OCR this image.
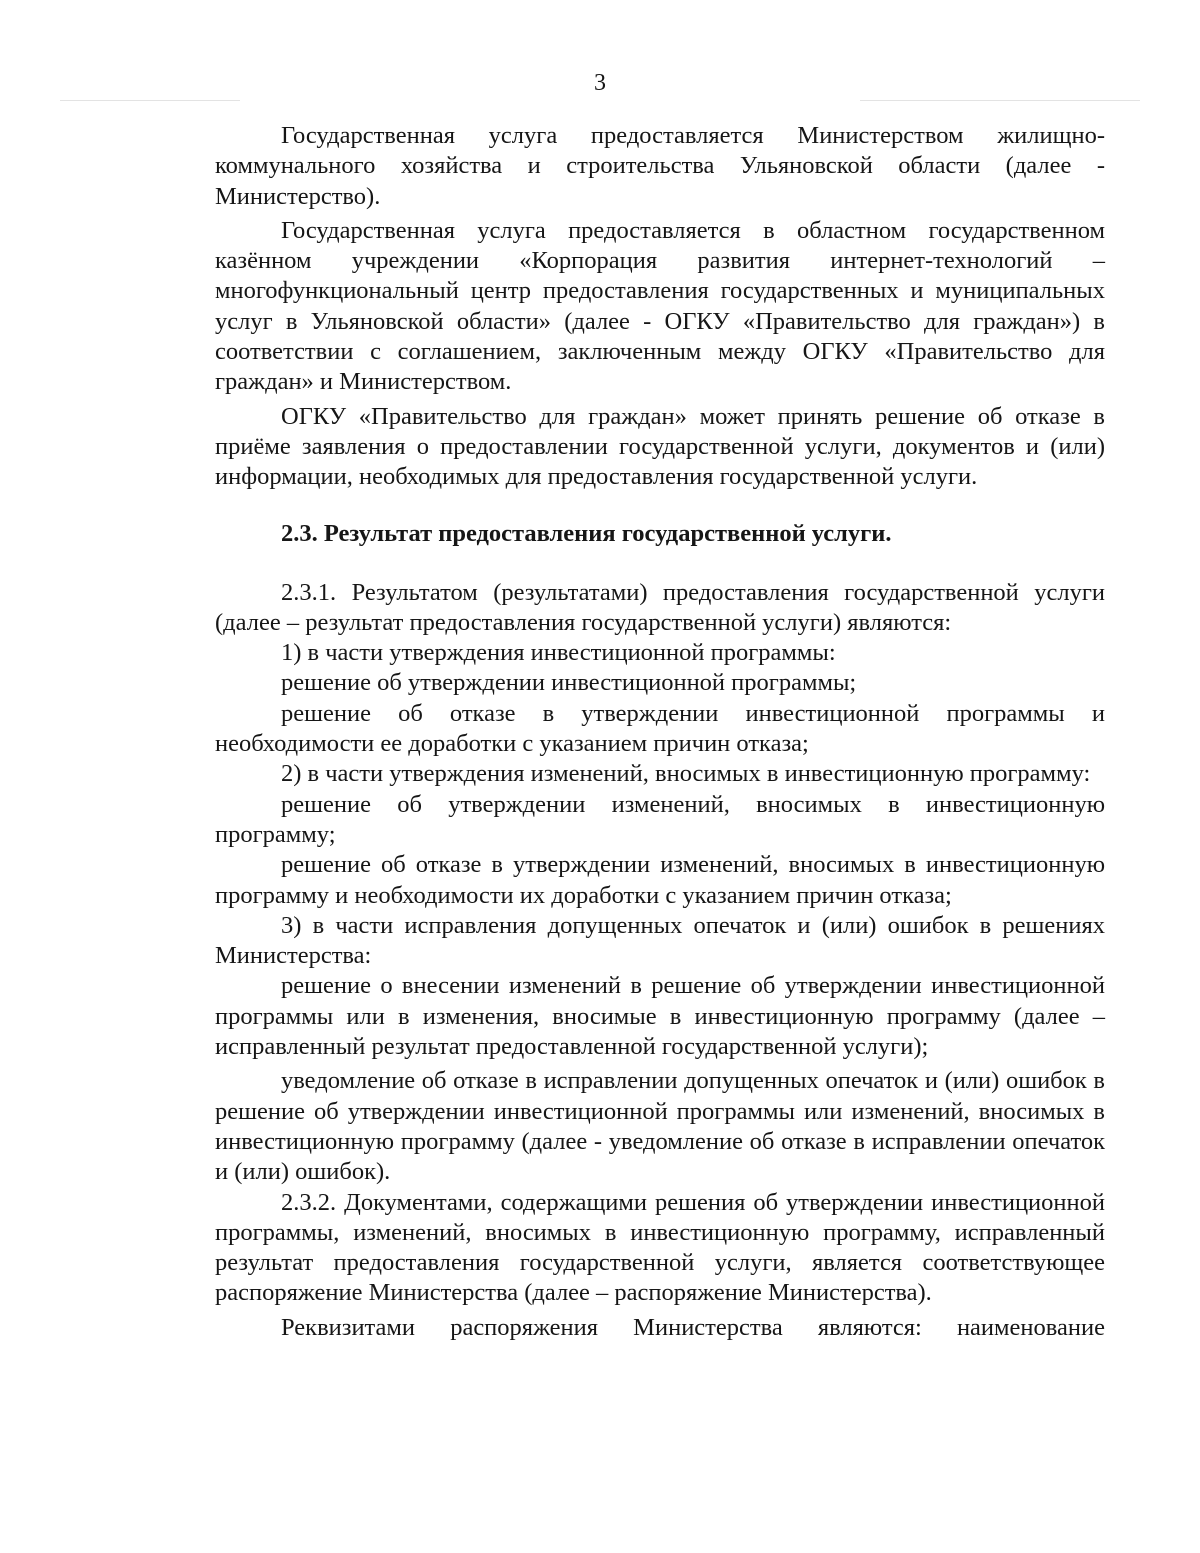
3

Государственная услуга предоставляется Министерством жилищно-коммунального хозяйства и строительства Ульяновской области (далее - Министерство).

Государственная услуга предоставляется в областном государственном казённом учреждении «Корпорация развития интернет-технологий – многофункциональный центр предоставления государственных и муниципальных услуг в Ульяновской области» (далее - ОГКУ «Правительство для граждан») в соответствии с соглашением, заключенным между ОГКУ «Правительство для граждан» и Министерством.

ОГКУ «Правительство для граждан» может принять решение об отказе в приёме заявления о предоставлении государственной услуги, документов и (или) информации, необходимых для предоставления государственной услуги.

2.3. Результат предоставления государственной услуги.

2.3.1. Результатом (результатами) предоставления государственной услуги (далее – результат предоставления государственной услуги) являются:

1) в части утверждения инвестиционной программы:

решение об утверждении инвестиционной программы;

решение об отказе в утверждении инвестиционной программы и необходимости ее доработки с указанием причин отказа;

2) в части утверждения изменений, вносимых в инвестиционную программу:

решение об утверждении изменений, вносимых в инвестиционную программу;

решение об отказе в утверждении изменений, вносимых в инвестиционную программу и необходимости их доработки с указанием причин отказа;

3) в части исправления допущенных опечаток и (или) ошибок в решениях Министерства:

решение о внесении изменений в решение об утверждении инвестиционной программы или в изменения, вносимые в инвестиционную программу (далее – исправленный результат предоставленной государственной услуги);

уведомление об отказе в исправлении допущенных опечаток и (или) ошибок в решение об утверждении инвестиционной программы или изменений, вносимых в инвестиционную программу (далее - уведомление об отказе в исправлении опечаток и (или) ошибок).

2.3.2. Документами, содержащими решения об утверждении инвестиционной программы, изменений, вносимых в инвестиционную программу, исправленный результат предоставления государственной услуги, является соответствующее распоряжение Министерства (далее – распоряжение Министерства).

Реквизитами распоряжения Министерства являются: наименование
